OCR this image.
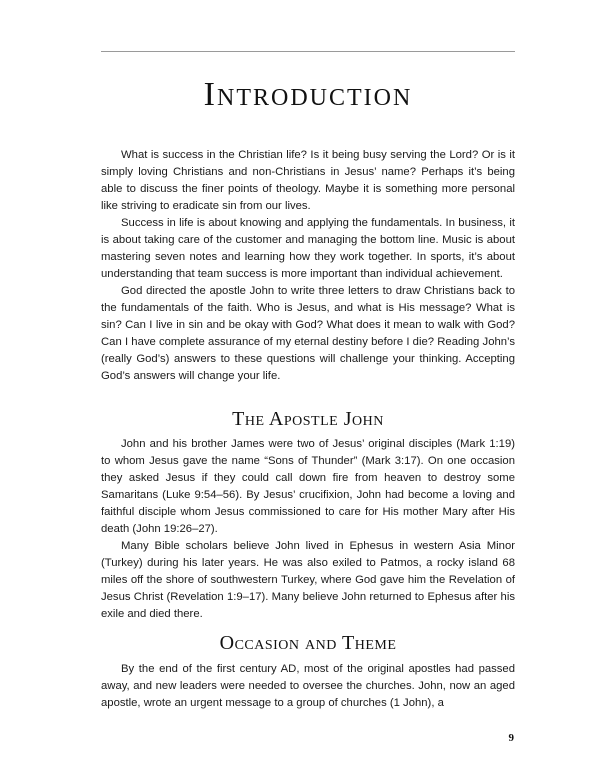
Introduction

What is success in the Christian life? Is it being busy serving the Lord? Or is it simply loving Christians and non-Christians in Jesus’ name? Perhaps it’s being able to discuss the finer points of theology. Maybe it is something more personal like striving to eradicate sin from our lives.

Success in life is about knowing and applying the fundamentals. In business, it is about taking care of the customer and managing the bottom line. Music is about mastering seven notes and learning how they work together. In sports, it’s about understanding that team success is more important than individual achievement.

God directed the apostle John to write three letters to draw Christians back to the fundamentals of the faith. Who is Jesus, and what is His message? What is sin? Can I live in sin and be okay with God? What does it mean to walk with God? Can I have complete assurance of my eternal destiny before I die? Reading John’s (really God’s) answers to these questions will challenge your thinking. Accepting God’s answers will change your life.

The Apostle John

John and his brother James were two of Jesus’ original disciples (Mark 1:19) to whom Jesus gave the name “Sons of Thunder” (Mark 3:17). On one occasion they asked Jesus if they could call down fire from heaven to destroy some Samaritans (Luke 9:54–56). By Jesus’ crucifixion, John had become a loving and faithful disciple whom Jesus commissioned to care for His mother Mary after His death (John 19:26–27).

Many Bible scholars believe John lived in Ephesus in western Asia Minor (Turkey) during his later years. He was also exiled to Patmos, a rocky island 68 miles off the shore of southwestern Turkey, where God gave him the Revelation of Jesus Christ (Revelation 1:9–17). Many believe John returned to Ephesus after his exile and died there.

Occasion and Theme

By the end of the first century AD, most of the original apostles had passed away, and new leaders were needed to oversee the churches. John, now an aged apostle, wrote an urgent message to a group of churches (1 John), a

9
